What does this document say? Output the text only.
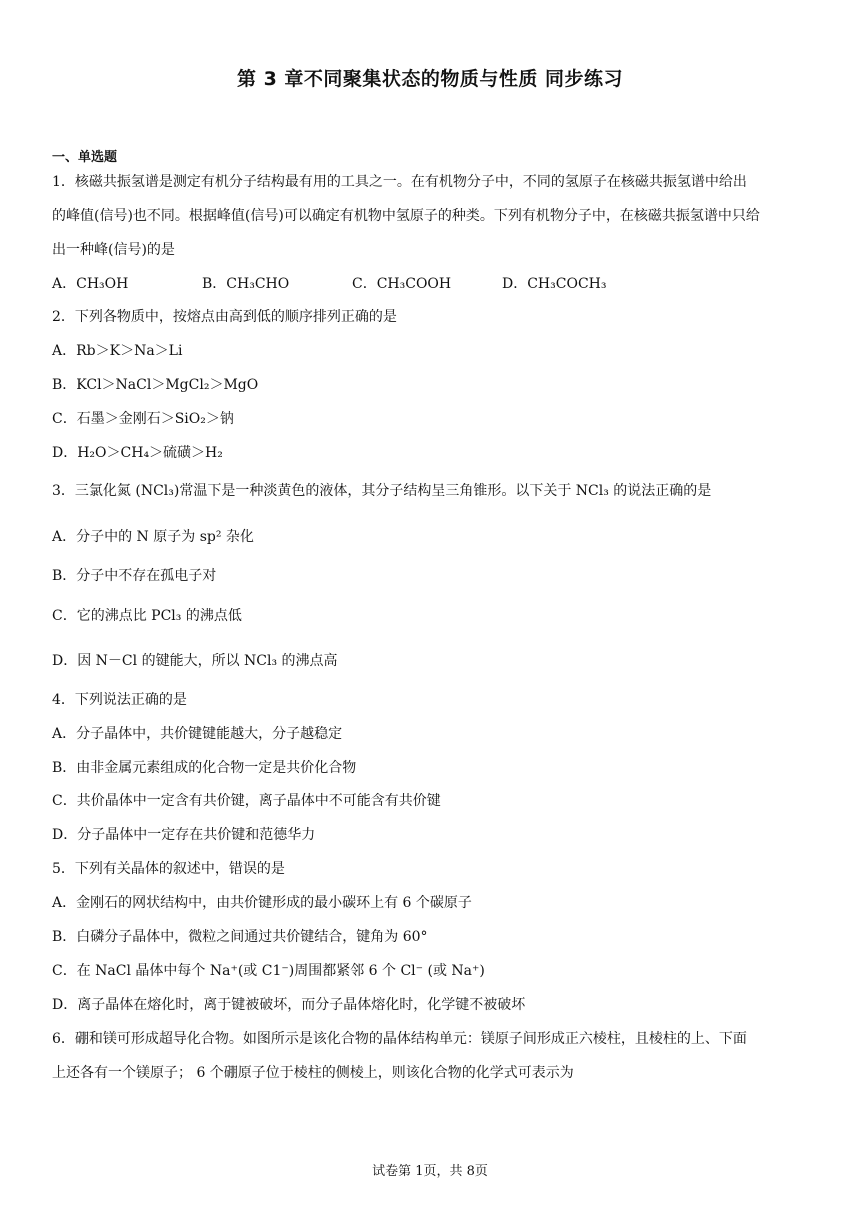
第 3 章不同聚集状态的物质与性质 同步练习
一、单选题
1．核磁共振氢谱是测定有机分子结构最有用的工具之一。在有机物分子中，不同的氢原子在核磁共振氢谱中给出
的峰值(信号)也不同。根据峰值(信号)可以确定有机物中氢原子的种类。下列有机物分子中，在核磁共振氢谱中只给
出一种峰(信号)的是
A．CH₃OH	B．CH₃CHO	C．CH₃COOH	D．CH₃COCH₃
2．下列各物质中，按熔点由高到低的顺序排列正确的是
A．Rb＞K＞Na＞Li
B．KCl＞NaCl＞MgCl₂＞MgO
C．石墨＞金刚石＞SiO₂＞钠
D．H₂O＞CH₄＞硫磺＞H₂
3．三氯化氮 (NCl₃)常温下是一种淡黄色的液体，其分子结构呈三角锥形。以下关于 NCl₃ 的说法正确的是
A．分子中的 N 原子为 sp² 杂化
B．分子中不存在孤电子对
C．它的沸点比 PCl₃ 的沸点低
D．因 N－Cl 的键能大，所以 NCl₃ 的沸点高
4．下列说法正确的是
A．分子晶体中，共价键键能越大，分子越稳定
B．由非金属元素组成的化合物一定是共价化合物
C．共价晶体中一定含有共价键，离子晶体中不可能含有共价键
D．分子晶体中一定存在共价键和范德华力
5．下列有关晶体的叙述中，错误的是
A．金刚石的网状结构中，由共价键形成的最小碳环上有 6 个碳原子
B．白磷分子晶体中，微粒之间通过共价键结合，键角为 60°
C．在 NaCl 晶体中每个 Na⁺(或 C1⁻)周围都紧邻 6 个 Cl⁻ (或 Na⁺)
D．离子晶体在熔化时，离于键被破坏，而分子晶体熔化时，化学键不被破坏
6．硼和镁可形成超导化合物。如图所示是该化合物的晶体结构单元：镁原子间形成正六棱柱，且棱柱的上、下面
上还各有一个镁原子； 6 个硼原子位于棱柱的侧棱上，则该化合物的化学式可表示为
试卷第 1页，共 8页
